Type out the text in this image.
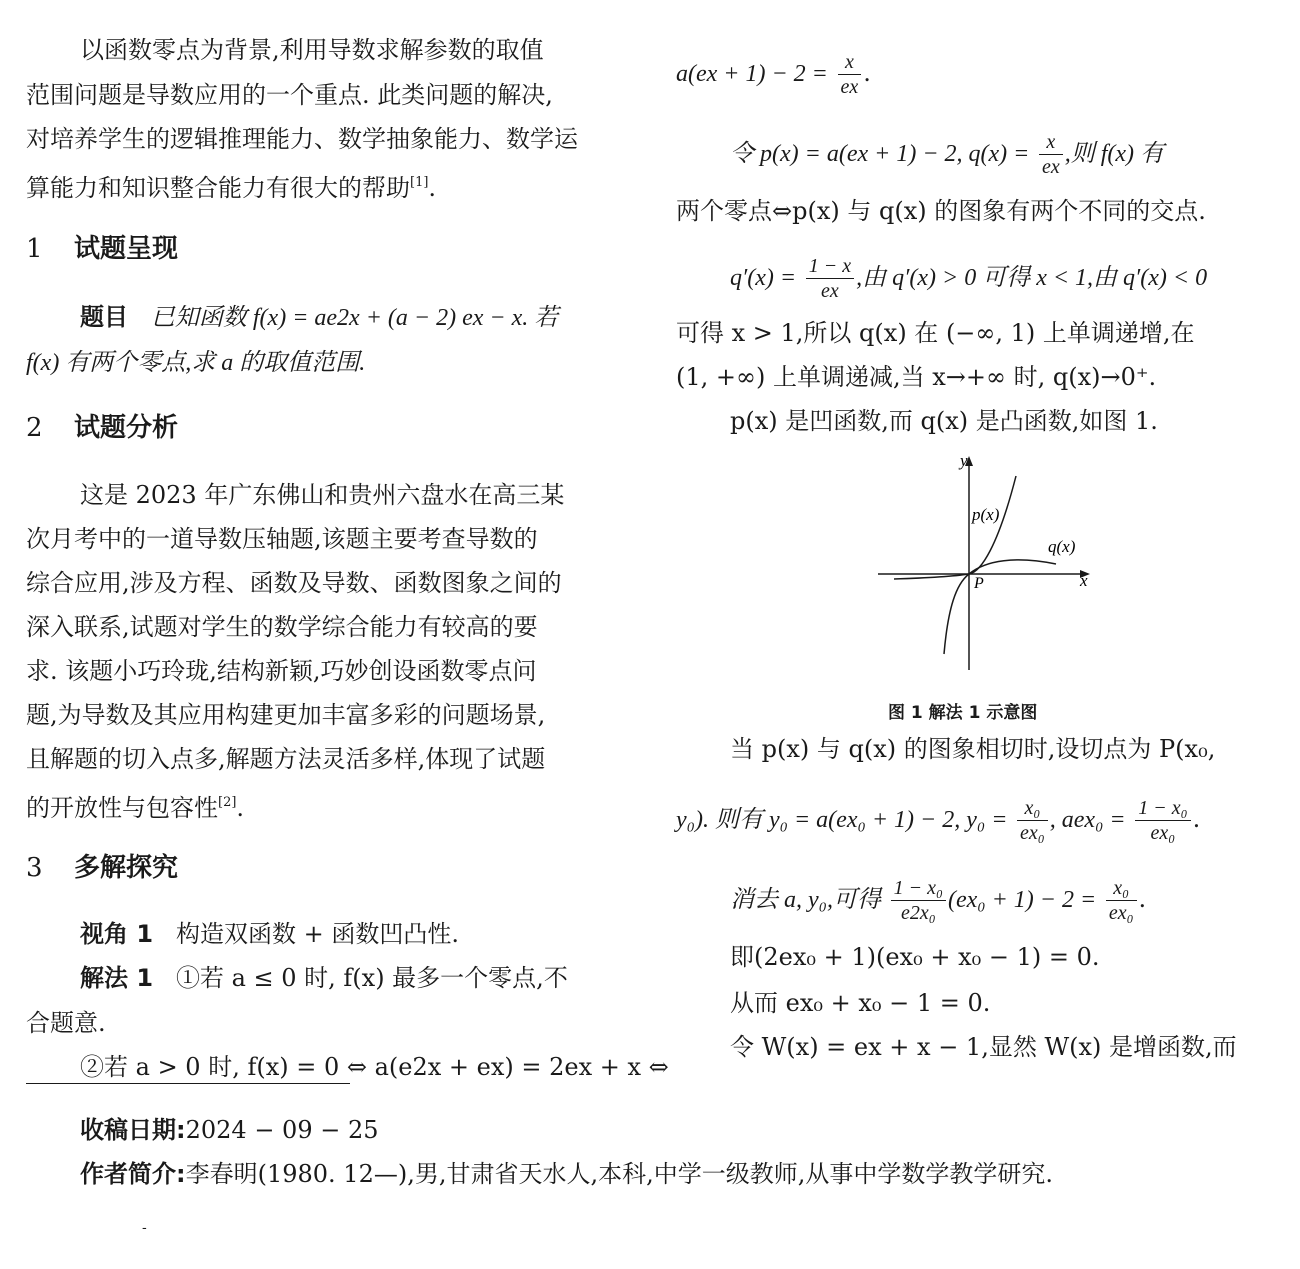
以函数零点为背景,利用导数求解参数的取值
范围问题是导数应用的一个重点. 此类问题的解决,
对培养学生的逻辑推理能力、数学抽象能力、数学运
算能力和知识整合能力有很大的帮助[1].
1 试题呈现
题目 已知函数 f(x) = ae2x + (a − 2) ex − x. 若
f(x) 有两个零点,求 a 的取值范围.
2 试题分析
这是 2023 年广东佛山和贵州六盘水在高三某
次月考中的一道导数压轴题,该题主要考查导数的
综合应用,涉及方程、函数及导数、函数图象之间的
深入联系,试题对学生的数学综合能力有较高的要
求. 该题小巧玲珑,结构新颖,巧妙创设函数零点问
题,为导数及其应用构建更加丰富多彩的问题场景,
且解题的切入点多,解题方法灵活多样,体现了试题
的开放性与包容性[2].
3 多解探究
视角 1 构造双函数 + 函数凹凸性.
解法 1 ①若 a ≤ 0 时, f(x) 最多一个零点,不
合题意.
②若 a > 0 时, f(x) = 0 ⇔ a(e2x + ex) = 2ex + x ⇔
$a(ex + 1) - 2 = \frac{x}{ex}$ .
令 p(x) = a(ex + 1) − 2, $q(x) = \frac{x}{ex}$ ,则 f(x) 有
两个零点⇔p(x) 与 q(x) 的图象有两个不同的交点.
$q'(x) = \frac{1 - x}{ex}$ ,由 q′(x) > 0 可得 x < 1,由 q′(x) < 0
可得 x > 1,所以 q(x) 在 (−∞, 1) 上单调递增,在
(1, +∞) 上单调递减,当 x→+∞ 时, q(x)→0⁺.
p(x) 是凹函数,而 q(x) 是凸函数,如图 1.
当 p(x) 与 q(x) 的图象相切时,设切点为 P(x₀,
y₀). 则有 y₀ = a(ex₀ + 1) − 2, $y_0 = \frac{\text{x₀}}{\text{ex₀}}$ , $aex_0 = \frac{\text{1 − x₀}}{\text{ex₀}}$ .
消去 a, y₀,可得 $\frac{\text{1 − x₀}}{\text{e2x₀}} (ex_0 + 1) - 2 = \frac{\text{x₀}}{\text{ex₀}}$ .
即(2ex₀ + 1)(ex₀ + x₀ − 1) = 0.
从而 ex₀ + x₀ − 1 = 0.
令 W(x) = ex + x − 1,显然 W(x) 是增函数,而
y
x
p(x)
q(x)
P
图 1 解法 1 示意图
收稿日期:2024 − 09 − 25
作者简介:李春明(1980. 12—),男,甘肃省天水人,本科,中学一级教师,从事中学数学教学研究.
-
